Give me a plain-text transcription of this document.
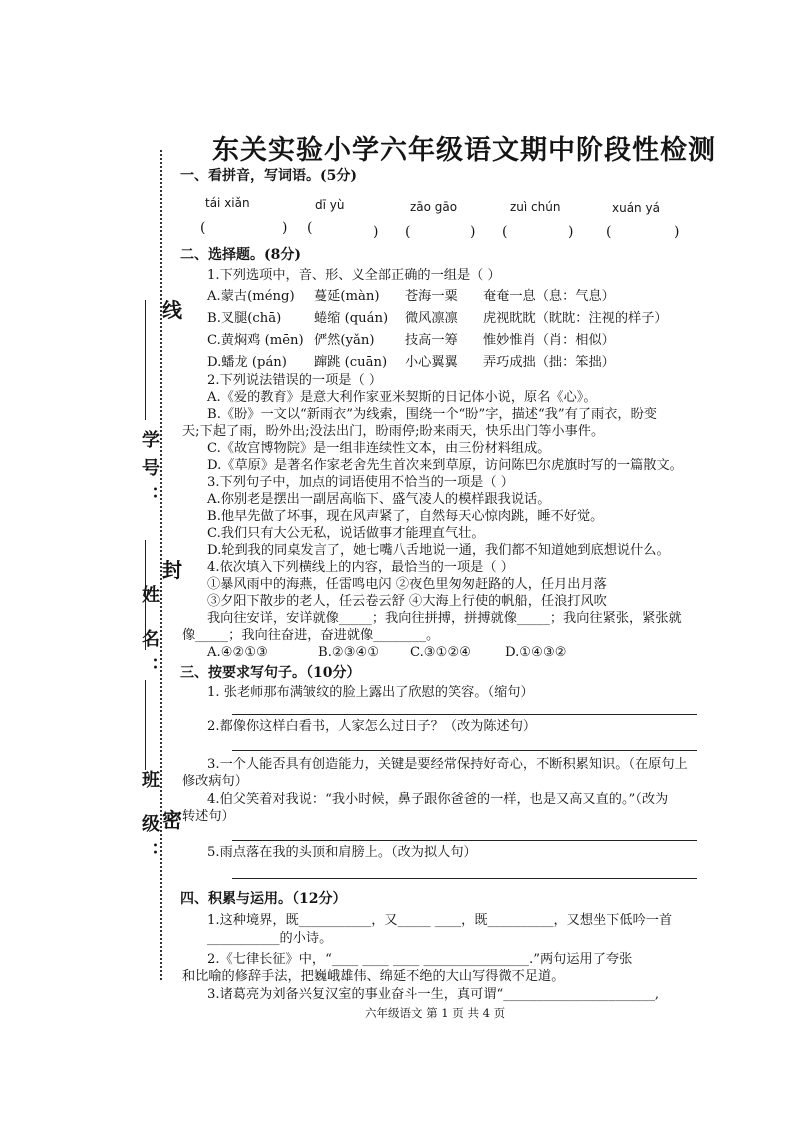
线
封
密
学号：
姓 名：
班 级：
东关实验小学六年级语文期中阶段性检测
一、看拼音，写词语。(5分)
tái xiǎn	dī yù	zāo gāo	zuì chún	xuán yá
(	) (	) (	) (	) (	)
二、选择题。(8分)
1.下列选项中，音、形、义全部正确的一组是（ ）
A.蒙古(méng) 蔓延(màn) 苍海一粟 奄奄一息（息：气息）
B.叉腿(chā) 蜷缩 (quán) 微风凛凛 虎视眈眈（眈眈：注视的样子）
C.黄焖鸡 (mēn) 俨然(yǎn) 技高一筹 惟妙惟肖（肖：相似）
D.蟠龙 (pán) 蹿跳 (cuān) 小心翼翼 弄巧成拙（拙：笨拙）
2.下列说法错误的一项是（ ）
A.《爱的教育》是意大利作家亚米契斯的日记体小说，原名《心》。
B.《盼》一文以“新雨衣”为线索，围绕一个“盼”字，描述“我”有了雨衣，盼变
天;下起了雨，盼外出;没法出门，盼雨停;盼来雨天，快乐出门等小事件。
C.《故宫博物院》是一组非连续性文本，由三份材料组成。
D.《草原》是著名作家老舍先生首次来到草原，访问陈巴尔虎旗时写的一篇散文。
3.下列句子中，加点的词语使用不恰当的一项是（ ）
A.你别老是摆出一副居高临下、盛气凌人的模样跟我说话。
B.他早先做了坏事，现在风声紧了，自然每天心惊肉跳，睡不好觉。
C.我们只有大公无私，说话做事才能理直气壮。
D.轮到我的同桌发言了，她七嘴八舌地说一通，我们都不知道她到底想说什么。
4.依次填入下列横线上的内容，最恰当的一项是（ ）
①暴风雨中的海燕，任雷鸣电闪 ②夜色里匆匆赶路的人，任月出月落
③夕阳下散步的老人，任云卷云舒 ④大海上行使的帆船，任浪打风吹
我向往安详，安详就像_____；我向往拼搏，拼搏就像_____；我向往紧张，紧张就
像_____；我向往奋进，奋进就像________。
A.④②①③	B.②③④① C.③①②④	D.①④③②
三、按要求写句子。（10分）
1. 张老师那布满皱纹的脸上露出了欣慰的笑容。（缩句）
2.都像你这样白看书，人家怎么过日子？（改为陈述句）
3.一个人能否具有创造能力，关键是要经常保持好奇心，不断积累知识。（在原句上
修改病句）
4.伯父笑着对我说：“我小时候，鼻子跟你爸爸的一样，也是又高又直的。”（改为
转述句）
5.雨点落在我的头顶和肩膀上。（改为拟人句）
四、积累与运用。（12分）
1.这种境界，既___________，又_____ ____，既__________，又想坐下低吟一首
___________的小诗。
2.《七律长征》中，“____ ____ ____ ________________.”两句运用了夸张
和比喻的修辞手法，把巍峨雄伟、绵延不绝的大山写得微不足道。
3.诸葛亮为刘备兴复汉室的事业奋斗一生，真可谓“_______________________,
六年级语文 第 1 页 共 4 页
